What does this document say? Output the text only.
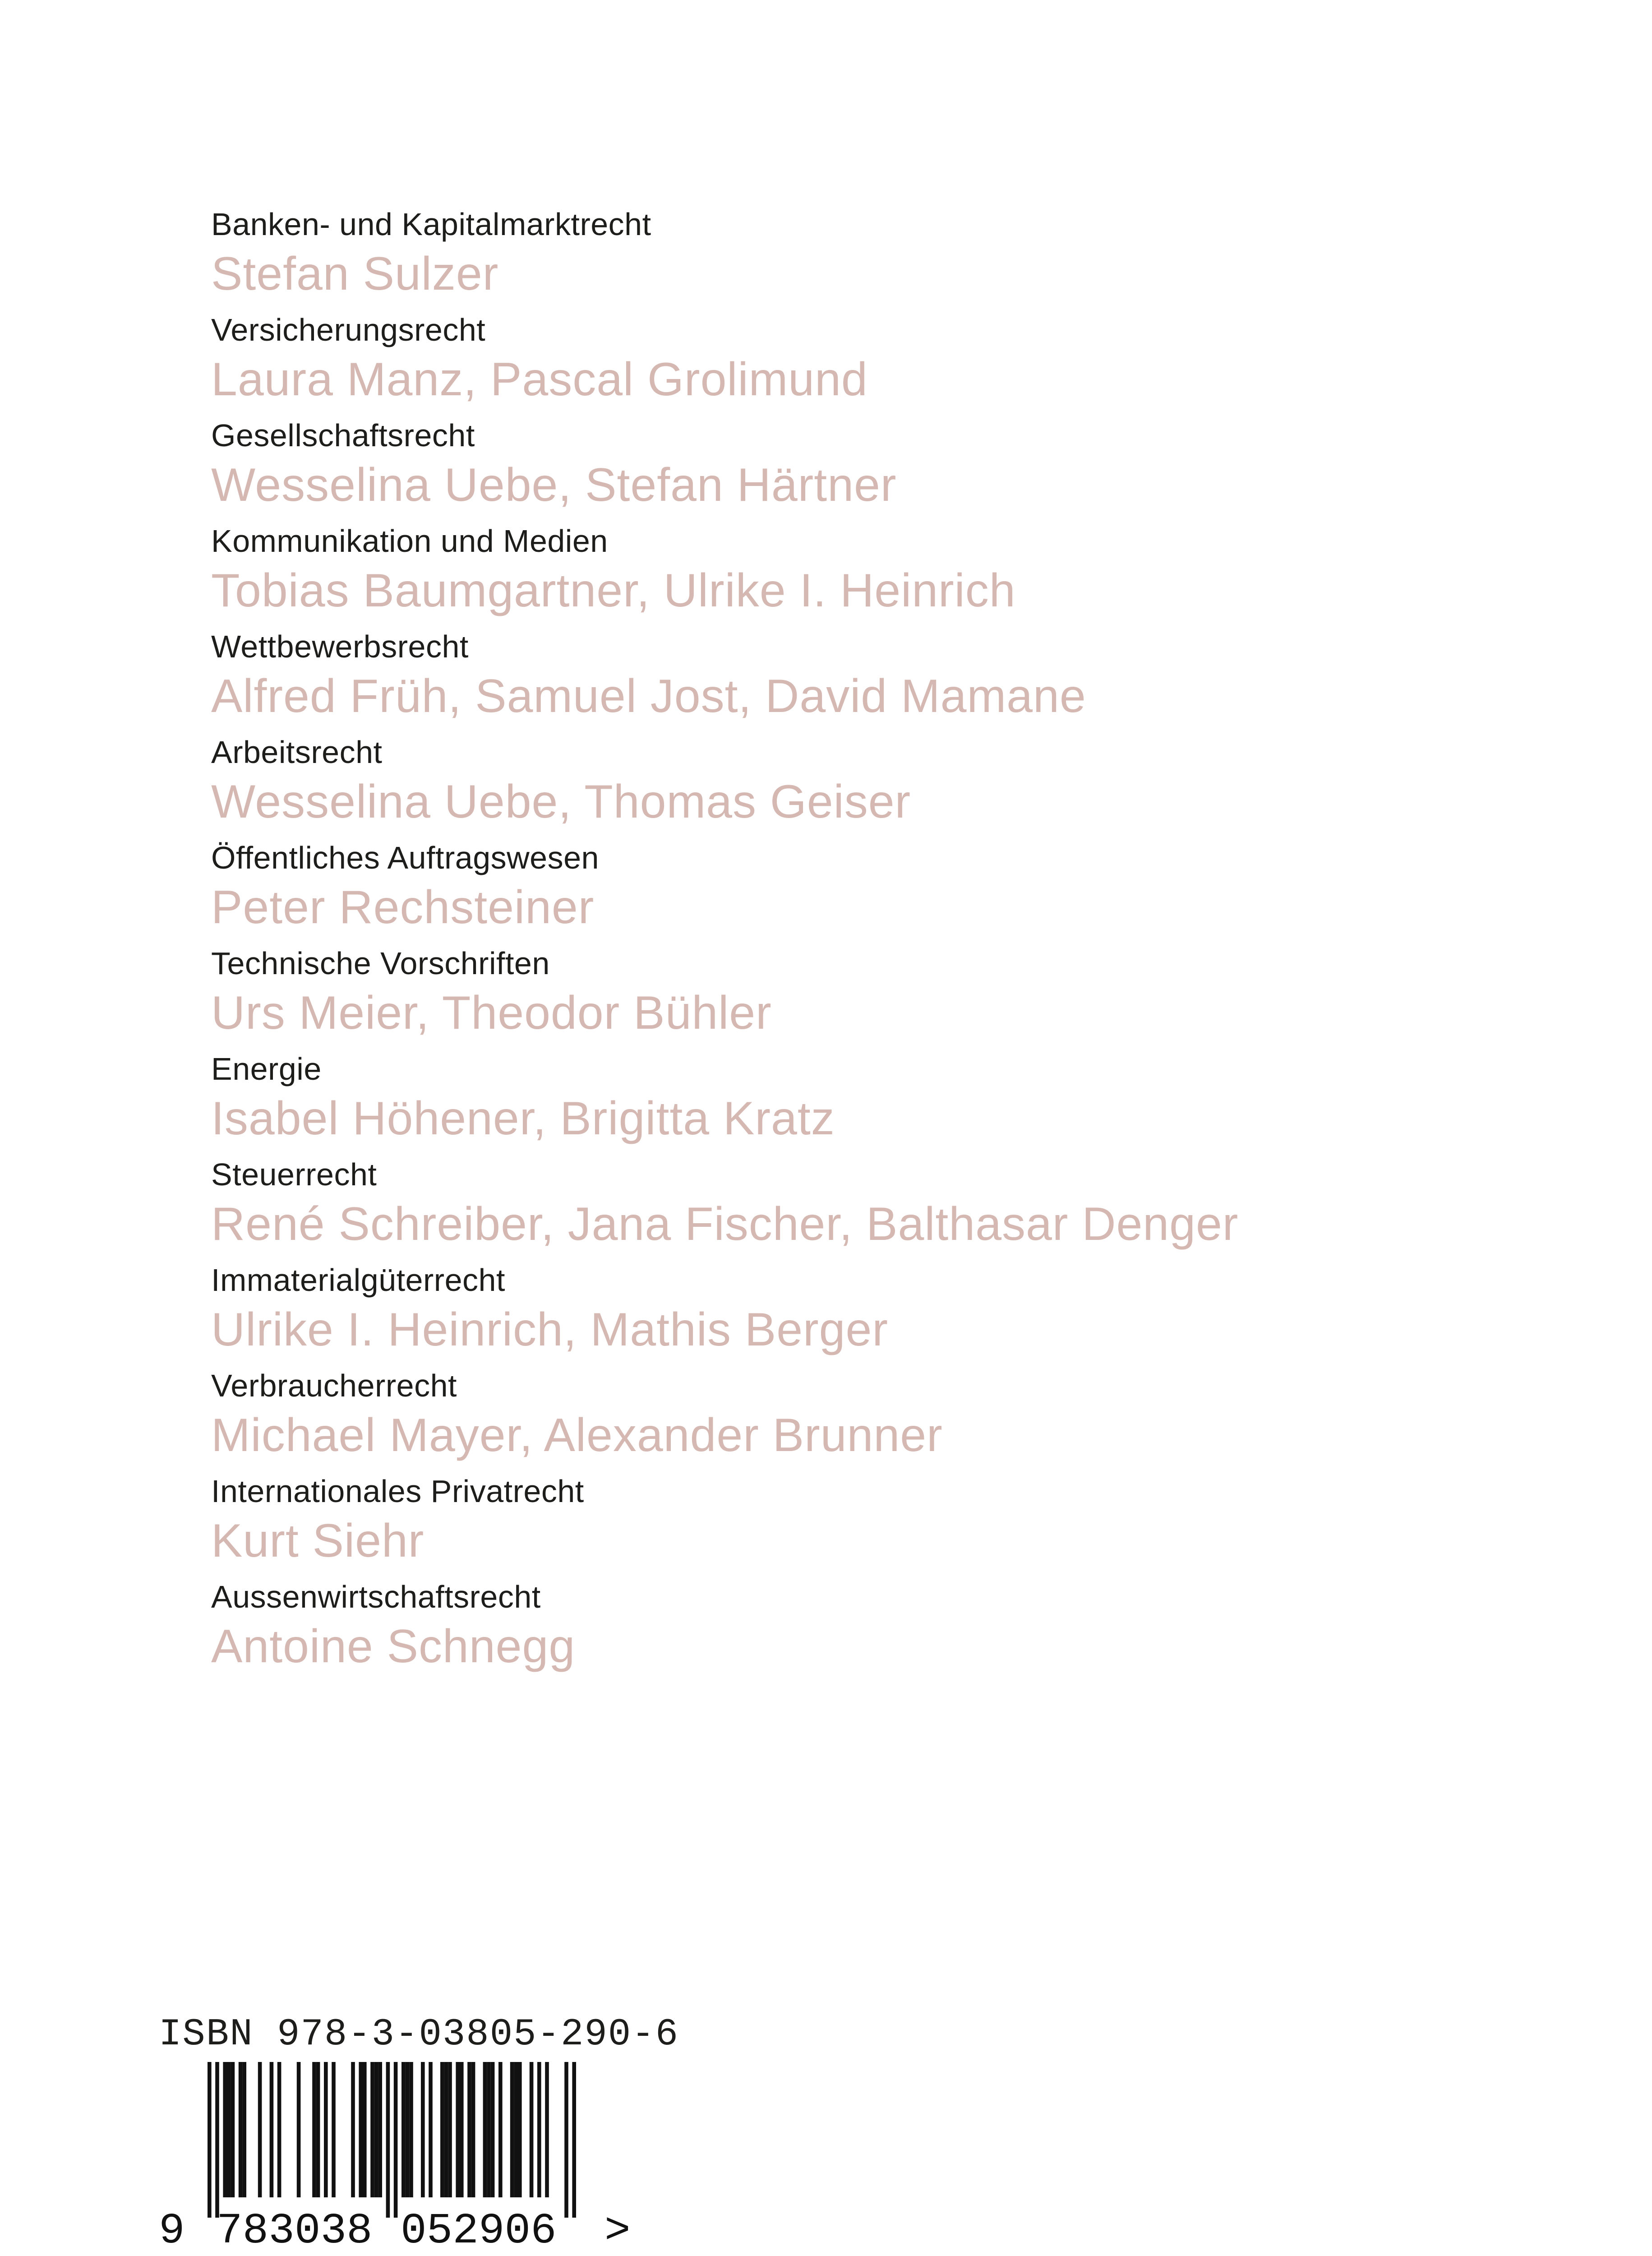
Banken- und Kapitalmarktrecht
Stefan Sulzer
Versicherungsrecht
Laura Manz, Pascal Grolimund
Gesellschaftsrecht
Wesselina Uebe, Stefan Härtner
Kommunikation und Medien
Tobias Baumgartner, Ulrike I. Heinrich
Wettbewerbsrecht
Alfred Früh, Samuel Jost, David Mamane
Arbeitsrecht
Wesselina Uebe, Thomas Geiser
Öffentliches Auftragswesen
Peter Rechsteiner
Technische Vorschriften
Urs Meier, Theodor Bühler
Energie
Isabel Höhener, Brigitta Kratz
Steuerrecht
René Schreiber, Jana Fischer, Balthasar Denger
Immaterialgüterrecht
Ulrike I. Heinrich, Mathis Berger
Verbraucherrecht
Michael Mayer, Alexander Brunner
Internationales Privatrecht
Kurt Siehr
Aussenwirtschaftsrecht
Antoine Schnegg
ISBN 978-3-03805-290-6
9 783038 052906 >
